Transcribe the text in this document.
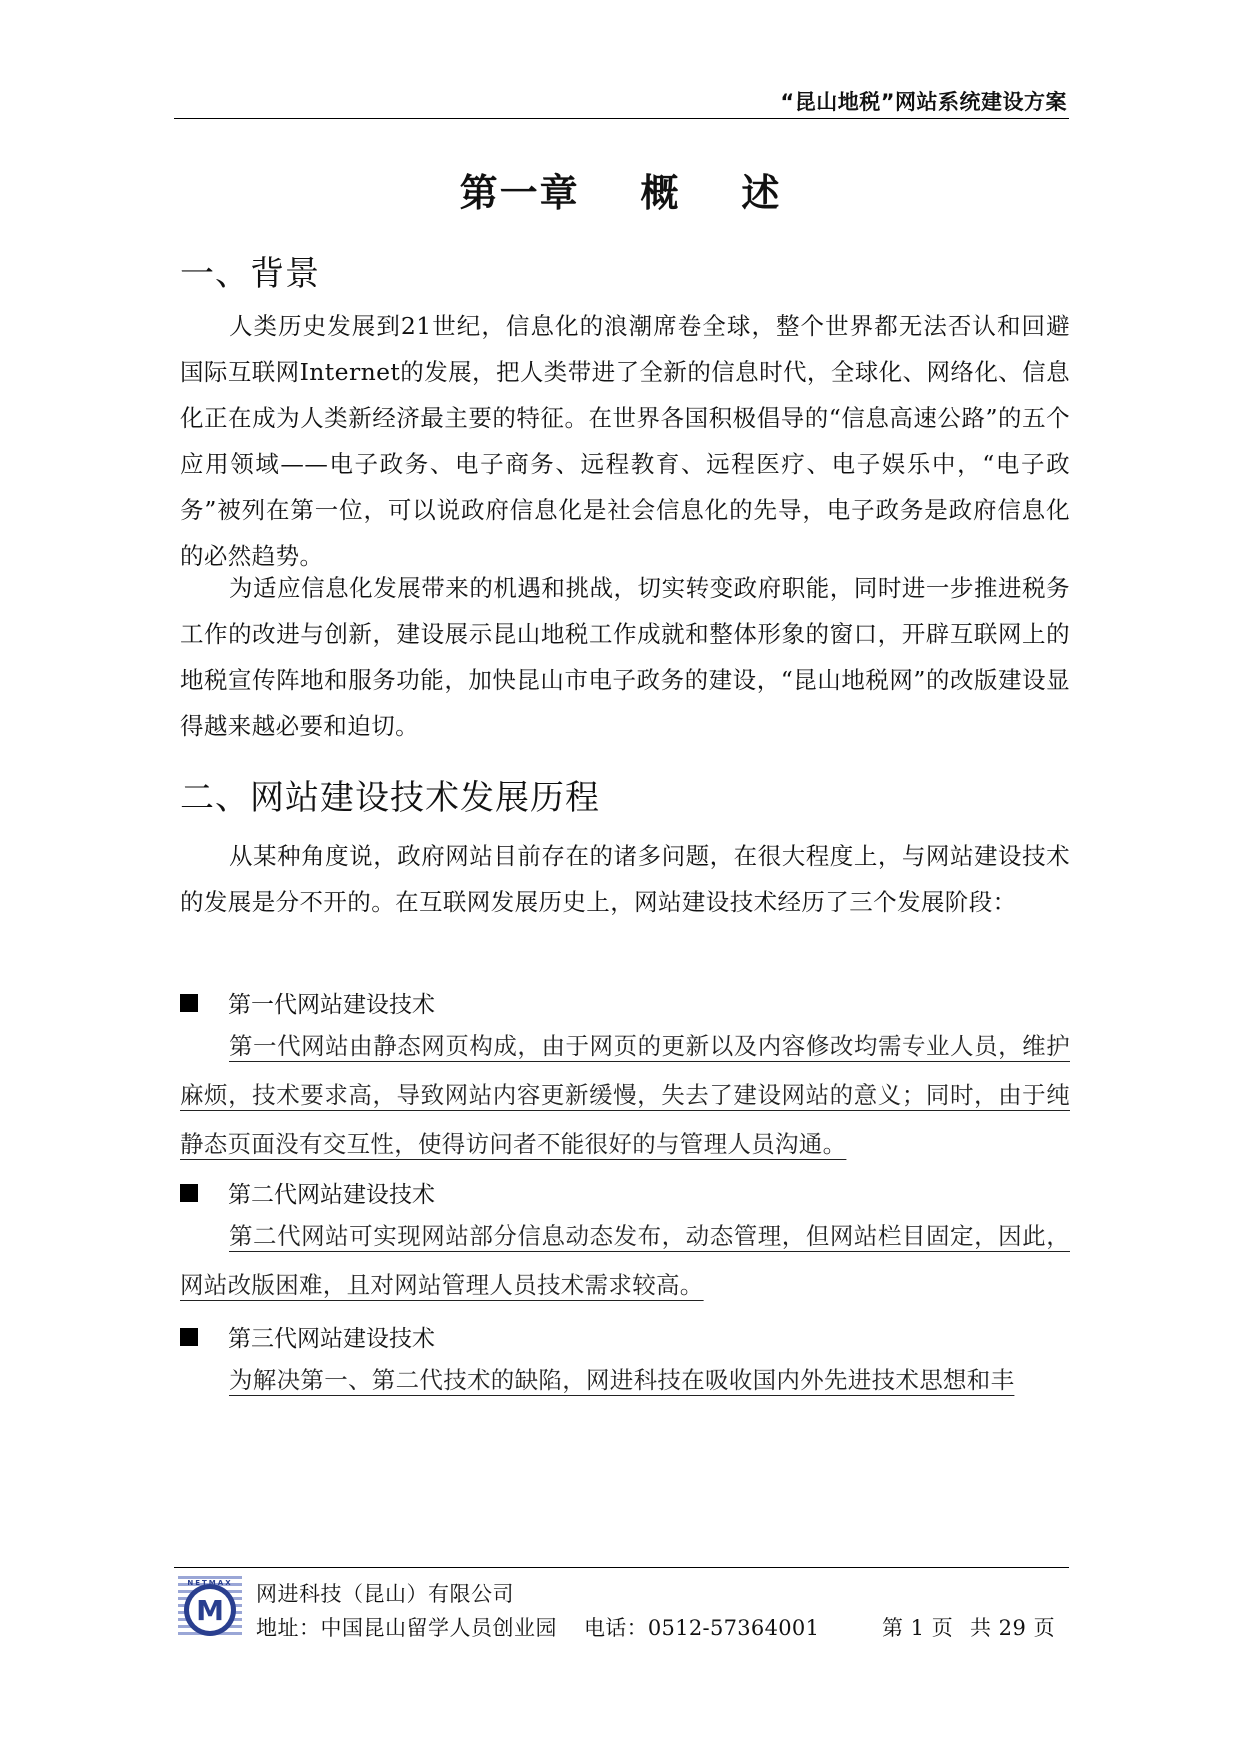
“昆山地税”网站系统建设方案
第一章    概    述
一、背景
人类历史发展到21世纪，信息化的浪潮席卷全球，整个世界都无法否认和回避 国际互联网Internet的发展，把人类带进了全新的信息时代，全球化、网络化、信息化正在成为人类新经济最主要的特征。在世界各国积极倡导的“信息高速公路”的五个应用领域——电子政务、电子商务、远程教育、远程医疗、电子娱乐中，“电子政务”被列在第一位，可以说政府信息化是社会信息化的先导，电子政务是政府信息化的必然趋势。
为适应信息化发展带来的机遇和挑战，切实转变政府职能，同时进一步推进税务工作的改进与创新，建设展示昆山地税工作成就和整体形象的窗口，开辟互联网上的地税宣传阵地和服务功能，加快昆山市电子政务的建设，“昆山地税网”的改版建设显得越来越必要和迫切。
二、网站建设技术发展历程
从某种角度说，政府网站目前存在的诸多问题，在很大程度上，与网站建设技术的发展是分不开的。在互联网发展历史上，网站建设技术经历了三个发展阶段：
第一代网站建设技术
第一代网站由静态网页构成，由于网页的更新以及内容修改均需专业人员，维护麻烦，技术要求高，导致网站内容更新缓慢，失去了建设网站的意义；同时，由于纯静态页面没有交互性，使得访问者不能很好的与管理人员沟通。
第二代网站建设技术
第二代网站可实现网站部分信息动态发布，动态管理，但网站栏目固定，因此，网站改版困难，且对网站管理人员技术需求较高。
第三代网站建设技术
为解决第一、第二代技术的缺陷，网进科技在吸收国内外先进技术思想和丰
M
NETMAX 网进科技（昆山）有限公司
地址：中国昆山留学人员创业园 电话：0512-57364001	第 1 页 共 29 页
